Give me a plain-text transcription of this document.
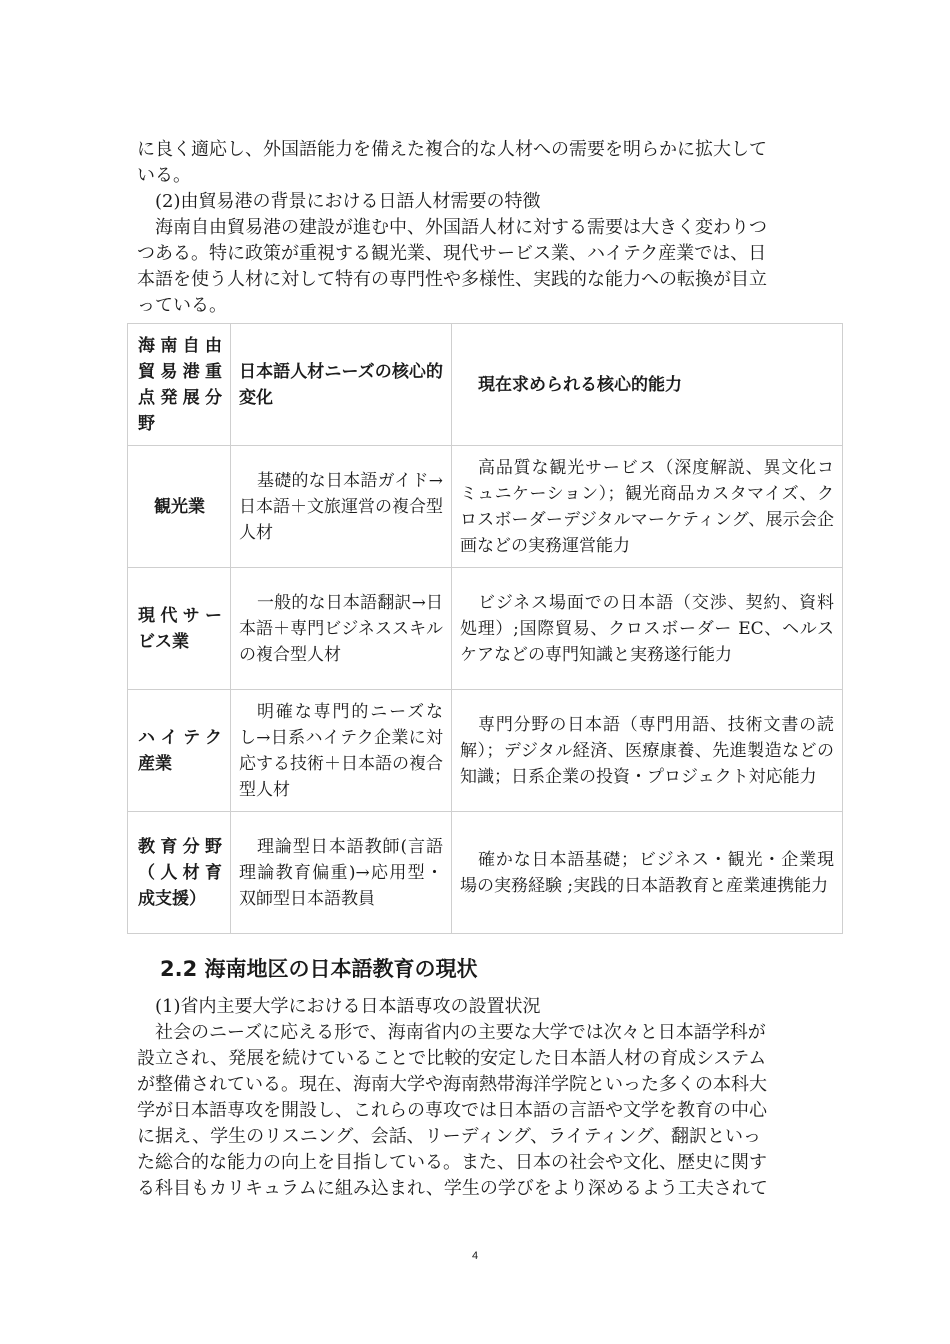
に良く適応し、外国語能力を備えた複合的な人材への需要を明らかに拡大して
いる。
(2)由貿易港の背景における日語人材需要の特徴
海南自由貿易港の建設が進む中、外国語人材に対する需要は大きく変わりつ
つある。特に政策が重視する観光業、現代サービス業、ハイテク産業では、日
本語を使う人材に対して特有の専門性や多様性、実践的な能力への転換が目立
っている。
海南自由貿易港重点発展分野	日本語人材ニーズの核心的変化	現在求められる核心的能力
観光業	基礎的な日本語ガイド→日本語＋文旅運営の複合型人材	高品質な観光サービス（深度解説、異文化コミュニケーション）；観光商品カスタマイズ、クロスボーダーデジタルマーケティング、展示会企画などの実務運営能力
現代サービス業	一般的な日本語翻訳→日本語＋専門ビジネススキルの複合型人材	ビジネス場面での日本語（交渉、契約、資料処理）;国際貿易、クロスボーダー EC、ヘルスケアなどの専門知識と実務遂行能力
ハイテク産業	明確な専門的ニーズなし→日系ハイテク企業に対応する技術＋日本語の複合型人材	専門分野の日本語（専門用語、技術文書の読解）；デジタル経済、医療康養、先進製造などの知識；日系企業の投資・プロジェクト対応能力
教育分野（人材育成支援）	理論型日本語教師(言語理論教育偏重)→応用型・双師型日本語教員	確かな日本語基礎；ビジネス・観光・企業現場の実務経験 ;実践的日本語教育と産業連携能力
2.2 海南地区の日本語教育の現状
(1)省内主要大学における日本語専攻の設置状況
社会のニーズに応える形で、海南省内の主要な大学では次々と日本語学科が
設立され、発展を続けていることで比較的安定した日本語人材の育成システム
が整備されている。現在、海南大学や海南熱帯海洋学院といった多くの本科大
学が日本語専攻を開設し、これらの専攻では日本語の言語や文学を教育の中心
に据え、学生のリスニング、会話、リーディング、ライティング、翻訳といっ
た総合的な能力の向上を目指している。また、日本の社会や文化、歴史に関す
る科目もカリキュラムに組み込まれ、学生の学びをより深めるよう工夫されて
4
